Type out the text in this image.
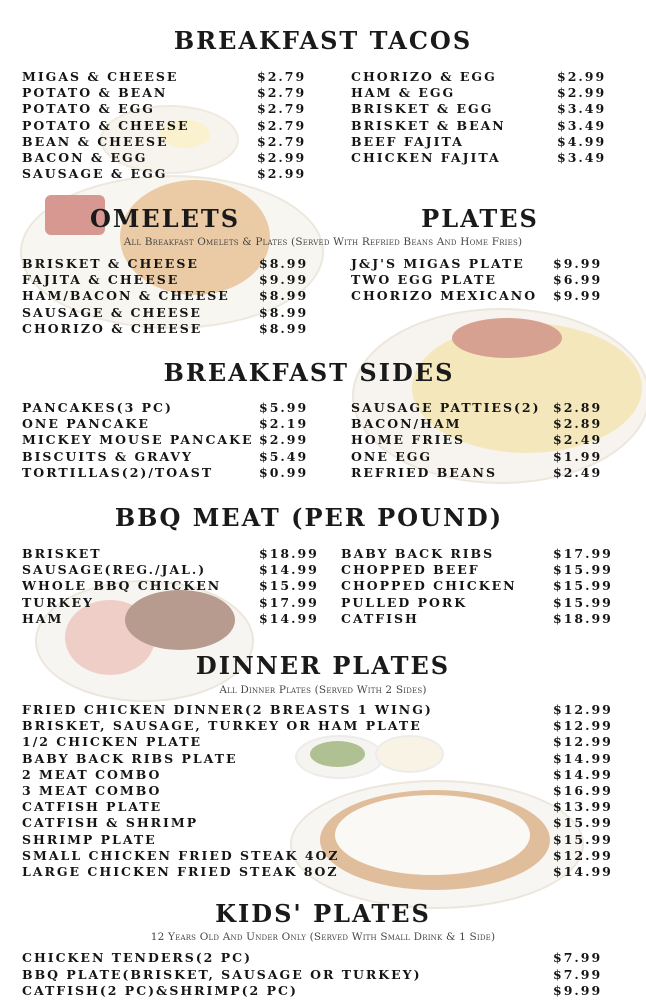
BREAKFAST TACOS
MIGAS & CHEESE	$2.79
POTATO & BEAN	$2.79
POTATO & EGG	$2.79
POTATO & CHEESE	$2.79
BEAN & CHEESE	$2.79
BACON & EGG	$2.99
SAUSAGE & EGG	$2.99
CHORIZO & EGG	$2.99
HAM & EGG	$2.99
BRISKET & EGG	$3.49
BRISKET & BEAN	$3.49
BEEF FAJITA	$4.99
CHICKEN FAJITA	$3.49
OMELETS	PLATES
All Breakfast Omelets & Plates (Served With Refried Beans And Home Fries)
BRISKET & CHEESE	$8.99
FAJITA & CHEESE	$9.99
HAM/BACON & CHEESE $8.99
SAUSAGE & CHEESE	$8.99
CHORIZO & CHEESE	$8.99
J&J'S MIGAS PLATE $9.99
TWO EGG PLATE	$6.99
CHORIZO MEXICANO $9.99
BREAKFAST SIDES
PANCAKES(3 PC)	$5.99
ONE PANCAKE	$2.19
MICKEY MOUSE PANCAKE $2.99
BISCUITS & GRAVY	$5.49
TORTILLAS(2)/TOAST	$0.99
SAUSAGE PATTIES(2) $2.89
BACON/HAM	$2.89
HOME FRIES	$2.49
ONE EGG	$1.99
REFRIED BEANS	$2.49
BBQ MEAT (PER POUND)
BRISKET	$18.99
SAUSAGE(REG./JAL.)	$14.99
WHOLE BBQ CHICKEN	$15.99
TURKEY	$17.99
HAM	$14.99
BABY BACK RIBS	$17.99
CHOPPED BEEF	$15.99
CHOPPED CHICKEN	$15.99
PULLED PORK	$15.99
CATFISH	$18.99
DINNER PLATES
All Dinner Plates (Served With 2 Sides)
FRIED CHICKEN DINNER(2 BREASTS 1 WING)	$12.99
BRISKET, SAUSAGE, TURKEY OR HAM PLATE	$12.99
1/2 CHICKEN PLATE	$12.99
BABY BACK RIBS PLATE	$14.99
2 MEAT COMBO	$14.99
3 MEAT COMBO	$16.99
CATFISH PLATE	$13.99
CATFISH & SHRIMP	$15.99
SHRIMP PLATE	$15.99
SMALL CHICKEN FRIED STEAK 4OZ	$12.99
LARGE CHICKEN FRIED STEAK 8OZ	$14.99
KIDS' PLATES
12 Years Old And Under Only (Served With Small Drink & 1 Side)
CHICKEN TENDERS(2 PC)	$7.99
BBQ PLATE(BRISKET, SAUSAGE OR TURKEY)	$7.99
CATFISH(2 PC)&SHRIMP(2 PC)	$9.99
